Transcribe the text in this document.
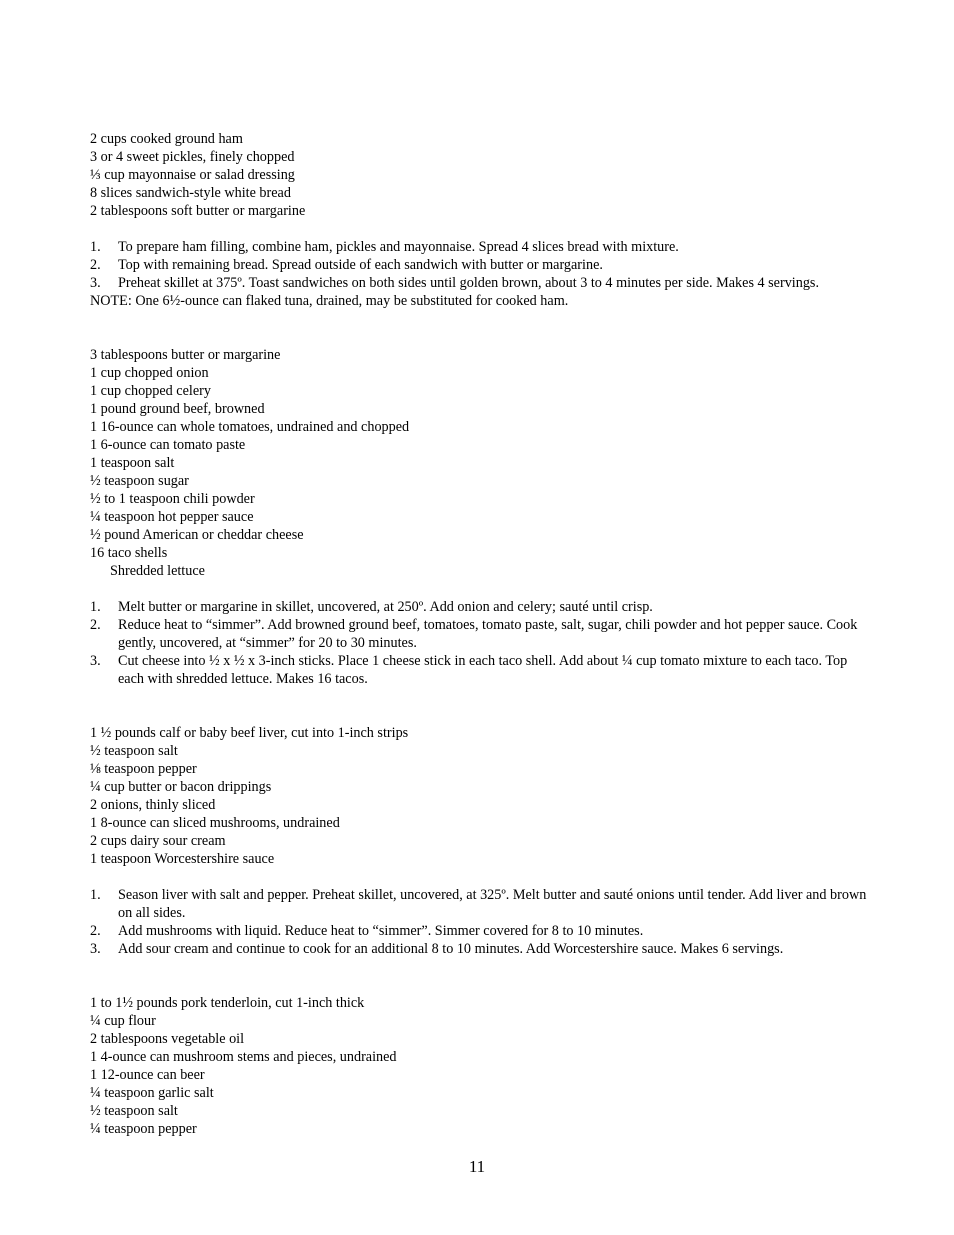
2 cups cooked ground ham
3 or 4 sweet pickles, finely chopped
⅓ cup mayonnaise or salad dressing
8 slices sandwich-style white bread
2 tablespoons soft butter or margarine
1.	To prepare ham filling, combine ham, pickles and mayonnaise. Spread 4 slices bread with mixture.
2.	Top with remaining bread. Spread outside of each sandwich with butter or margarine.
3.	Preheat skillet at 375º. Toast sandwiches on both sides until golden brown, about 3 to 4 minutes per side. Makes 4 servings.
NOTE: One 6½-ounce can flaked tuna, drained, may be substituted for cooked ham.
3 tablespoons butter or margarine
1 cup chopped onion
1 cup chopped celery
1 pound ground beef, browned
1 16-ounce can whole tomatoes, undrained and chopped
1 6-ounce can tomato paste
1 teaspoon salt
½ teaspoon sugar
½ to 1 teaspoon chili powder
¼ teaspoon hot pepper sauce
½ pound American or cheddar cheese
16 taco shells
Shredded lettuce
1.	Melt butter or margarine in skillet, uncovered, at 250º. Add onion and celery; sauté until crisp.
2.	Reduce heat to “simmer”. Add browned ground beef, tomatoes, tomato paste, salt, sugar, chili powder and hot pepper sauce. Cook gently, uncovered, at “simmer” for 20 to 30 minutes.
3.	Cut cheese into ½ x ½ x 3-inch sticks. Place 1 cheese stick in each taco shell. Add about ¼ cup tomato mixture to each taco. Top each with shredded lettuce. Makes 16 tacos.
1 ½ pounds calf or baby beef liver, cut into 1-inch strips
½ teaspoon salt
⅛ teaspoon pepper
¼ cup butter or bacon drippings
2 onions, thinly sliced
1 8-ounce can sliced mushrooms, undrained
2 cups dairy sour cream
1 teaspoon Worcestershire sauce
1.	Season liver with salt and pepper. Preheat skillet, uncovered, at 325º. Melt butter and sauté onions until tender. Add liver and brown on all sides.
2.	Add mushrooms with liquid. Reduce heat to “simmer”. Simmer covered for 8 to 10 minutes.
3.	Add sour cream and continue to cook for an additional 8 to 10 minutes. Add Worcestershire sauce. Makes 6 servings.
1 to 1½ pounds pork tenderloin, cut 1-inch thick
¼ cup flour
2 tablespoons vegetable oil
1 4-ounce can mushroom stems and pieces, undrained
1 12-ounce can beer
¼ teaspoon garlic salt
½ teaspoon salt
¼ teaspoon pepper
11
